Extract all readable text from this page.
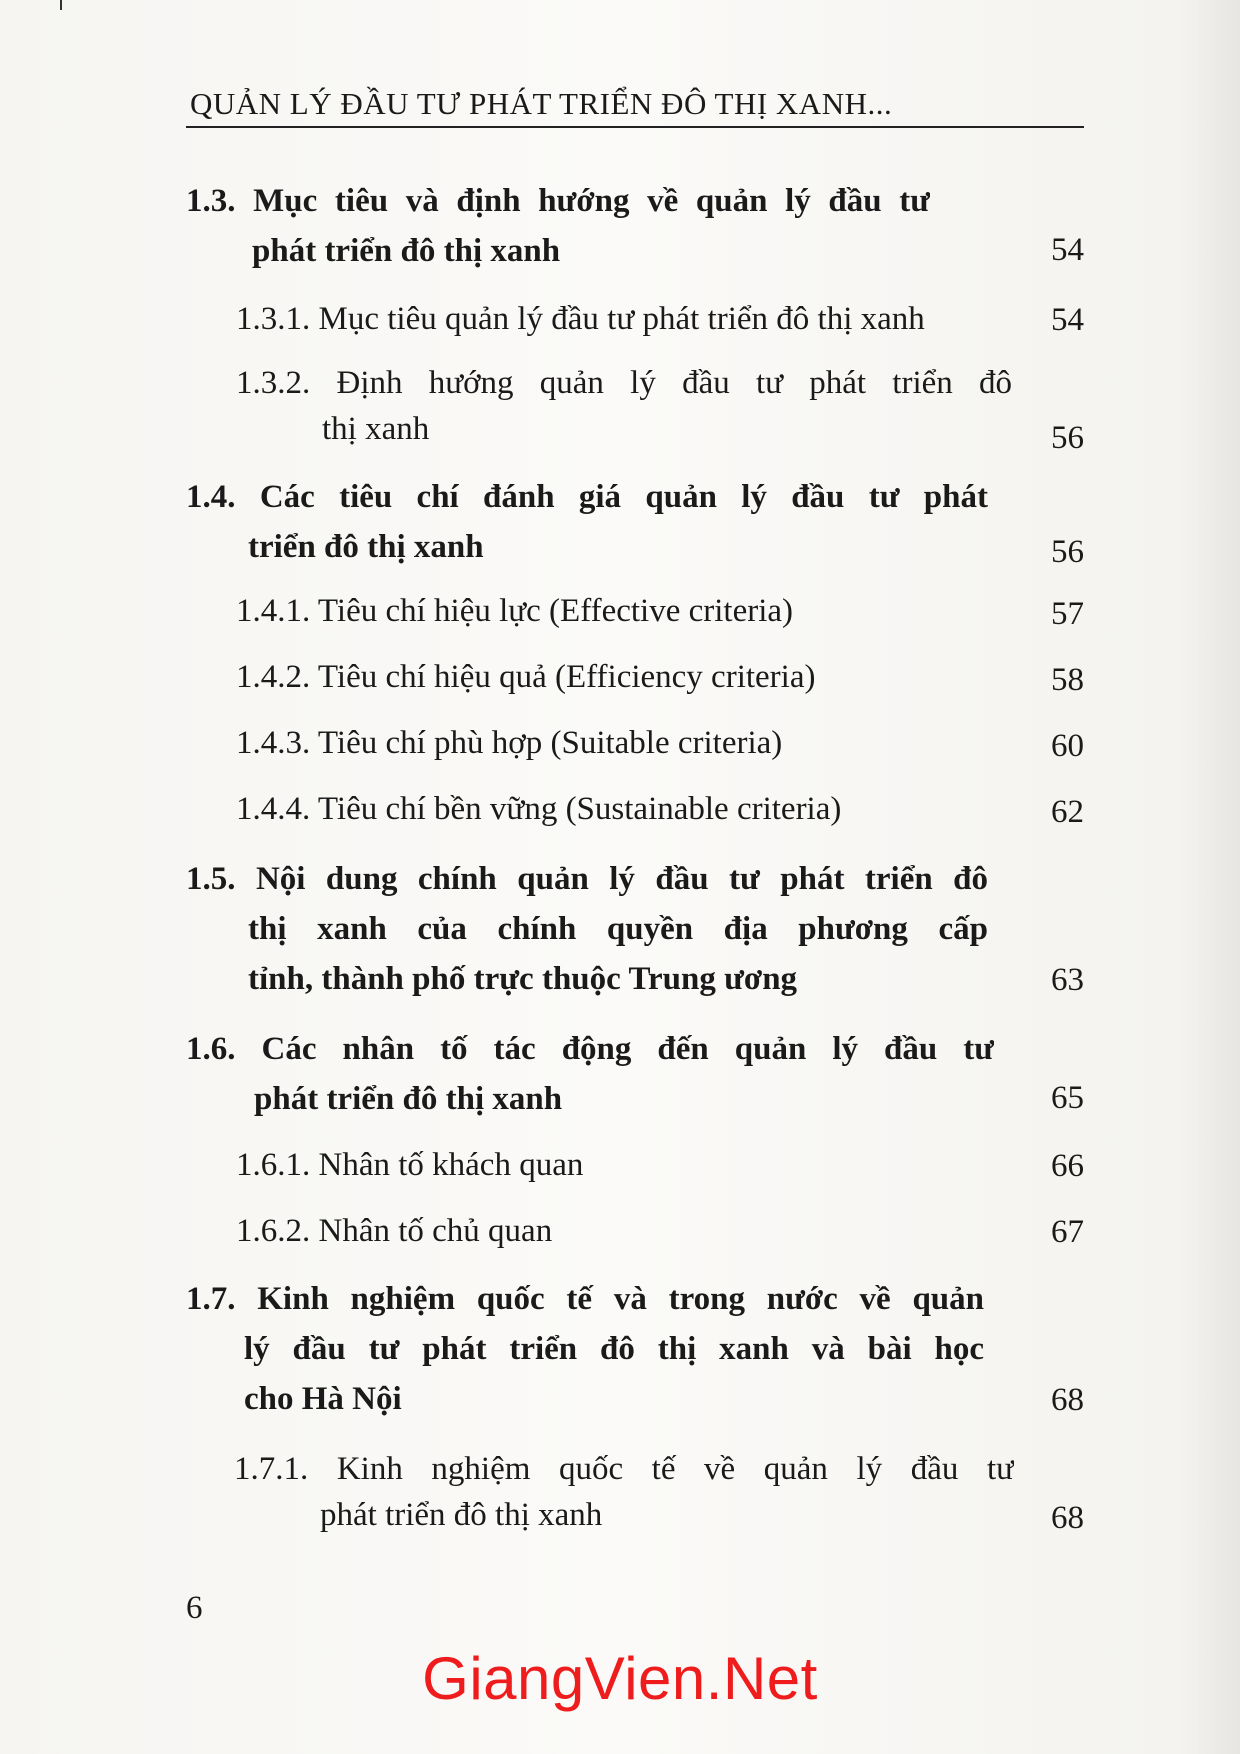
QUẢN LÝ ĐẦU TƯ PHÁT TRIỂN ĐÔ THỊ XANH...
1.3. Mục tiêu và định hướng về quản lý đầu tư
phát triển đô thị xanh	54
1.3.1. Mục tiêu quản lý đầu tư phát triển đô thị xanh	54
1.3.2. Định hướng quản lý đầu tư phát triển đô
thị xanh	56
1.4. Các tiêu chí đánh giá quản lý đầu tư phát
triển đô thị xanh	56
1.4.1. Tiêu chí hiệu lực (Effective criteria)	57
1.4.2. Tiêu chí hiệu quả (Efficiency criteria)	58
1.4.3. Tiêu chí phù hợp (Suitable criteria)	60
1.4.4. Tiêu chí bền vững (Sustainable criteria)	62
1.5. Nội dung chính quản lý đầu tư phát triển đô
thị xanh của chính quyền địa phương cấp
tỉnh, thành phố trực thuộc Trung ương	63
1.6. Các nhân tố tác động đến quản lý đầu tư
phát triển đô thị xanh	65
1.6.1. Nhân tố khách quan	66
1.6.2. Nhân tố chủ quan	67
1.7. Kinh nghiệm quốc tế và trong nước về quản
lý đầu tư phát triển đô thị xanh và bài học
cho Hà Nội	68
1.7.1. Kinh nghiệm quốc tế về quản lý đầu tư
phát triển đô thị xanh	68
6
GiangVien.Net
